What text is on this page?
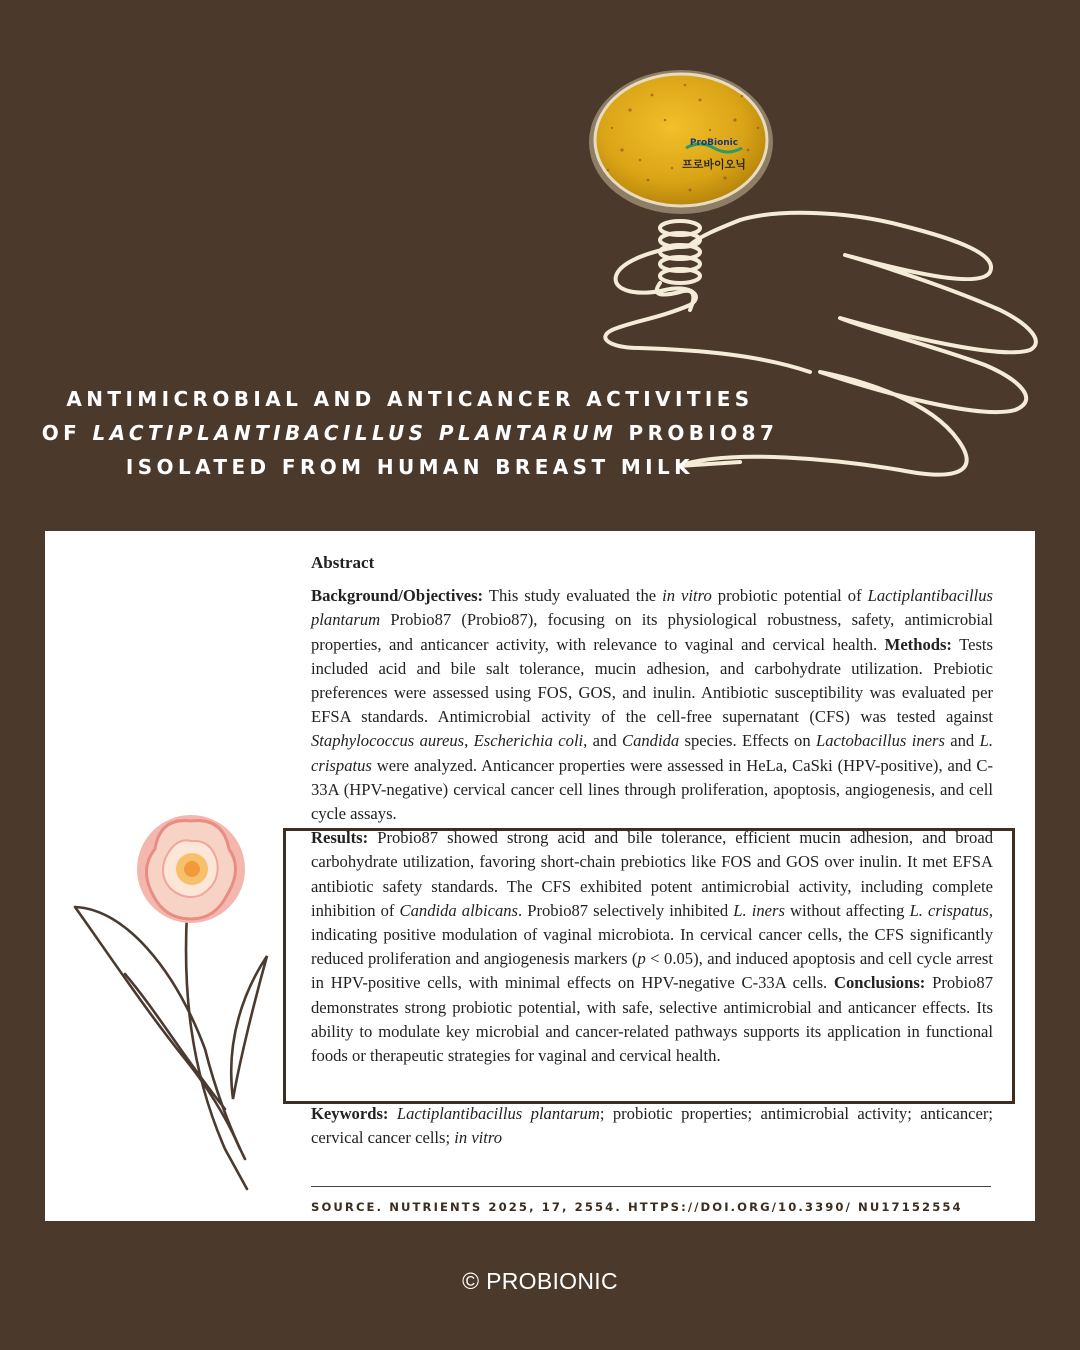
ProBionic
프로바이오닉
ANTIMICROBIAL AND ANTICANCER ACTIVITIES
OF LACTIPLANTIBACILLUS PLANTARUM PROBIO87
ISOLATED FROM HUMAN BREAST MILK
Abstract
Background/Objectives: This study evaluated the in vitro probiotic potential of Lactiplantibacillus plantarum Probio87 (Probio87), focusing on its physiological robustness, safety, antimicrobial properties, and anticancer activity, with relevance to vaginal and cervical health. Methods: Tests included acid and bile salt tolerance, mucin adhesion, and carbohydrate utilization. Prebiotic preferences were assessed using FOS, GOS, and inulin. Antibiotic susceptibility was evaluated per EFSA standards. Antimicrobial activity of the cell-free supernatant (CFS) was tested against Staphylococcus aureus, Escherichia coli, and Candida species. Effects on Lactobacillus iners and L. crispatus were analyzed. Anticancer properties were assessed in HeLa, CaSki (HPV-positive), and C-33A (HPV-negative) cervical cancer cell lines through proliferation, apoptosis, angiogenesis, and cell cycle assays.
Results: Probio87 showed strong acid and bile tolerance, efficient mucin adhesion, and broad carbohydrate utilization, favoring short-chain prebiotics like FOS and GOS over inulin. It met EFSA antibiotic safety standards. The CFS exhibited potent antimicrobial activity, including complete inhibition of Candida albicans. Probio87 selectively inhibited L. iners without affecting L. crispatus, indicating positive modulation of vaginal microbiota. In cervical cancer cells, the CFS significantly reduced proliferation and angiogenesis markers (p < 0.05), and induced apoptosis and cell cycle arrest in HPV-positive cells, with minimal effects on HPV-negative C-33A cells. Conclusions: Probio87 demonstrates strong probiotic potential, with safe, selective antimicrobial and anticancer effects. Its ability to modulate key microbial and cancer-related pathways supports its application in functional foods or therapeutic strategies for vaginal and cervical health.
Keywords: Lactiplantibacillus plantarum; probiotic properties; antimicrobial activity; anticancer; cervical cancer cells; in vitro
SOURCE. NUTRIENTS 2025, 17, 2554. HTTPS://DOI.ORG/10.3390/ NU17152554
© PROBIONIC
